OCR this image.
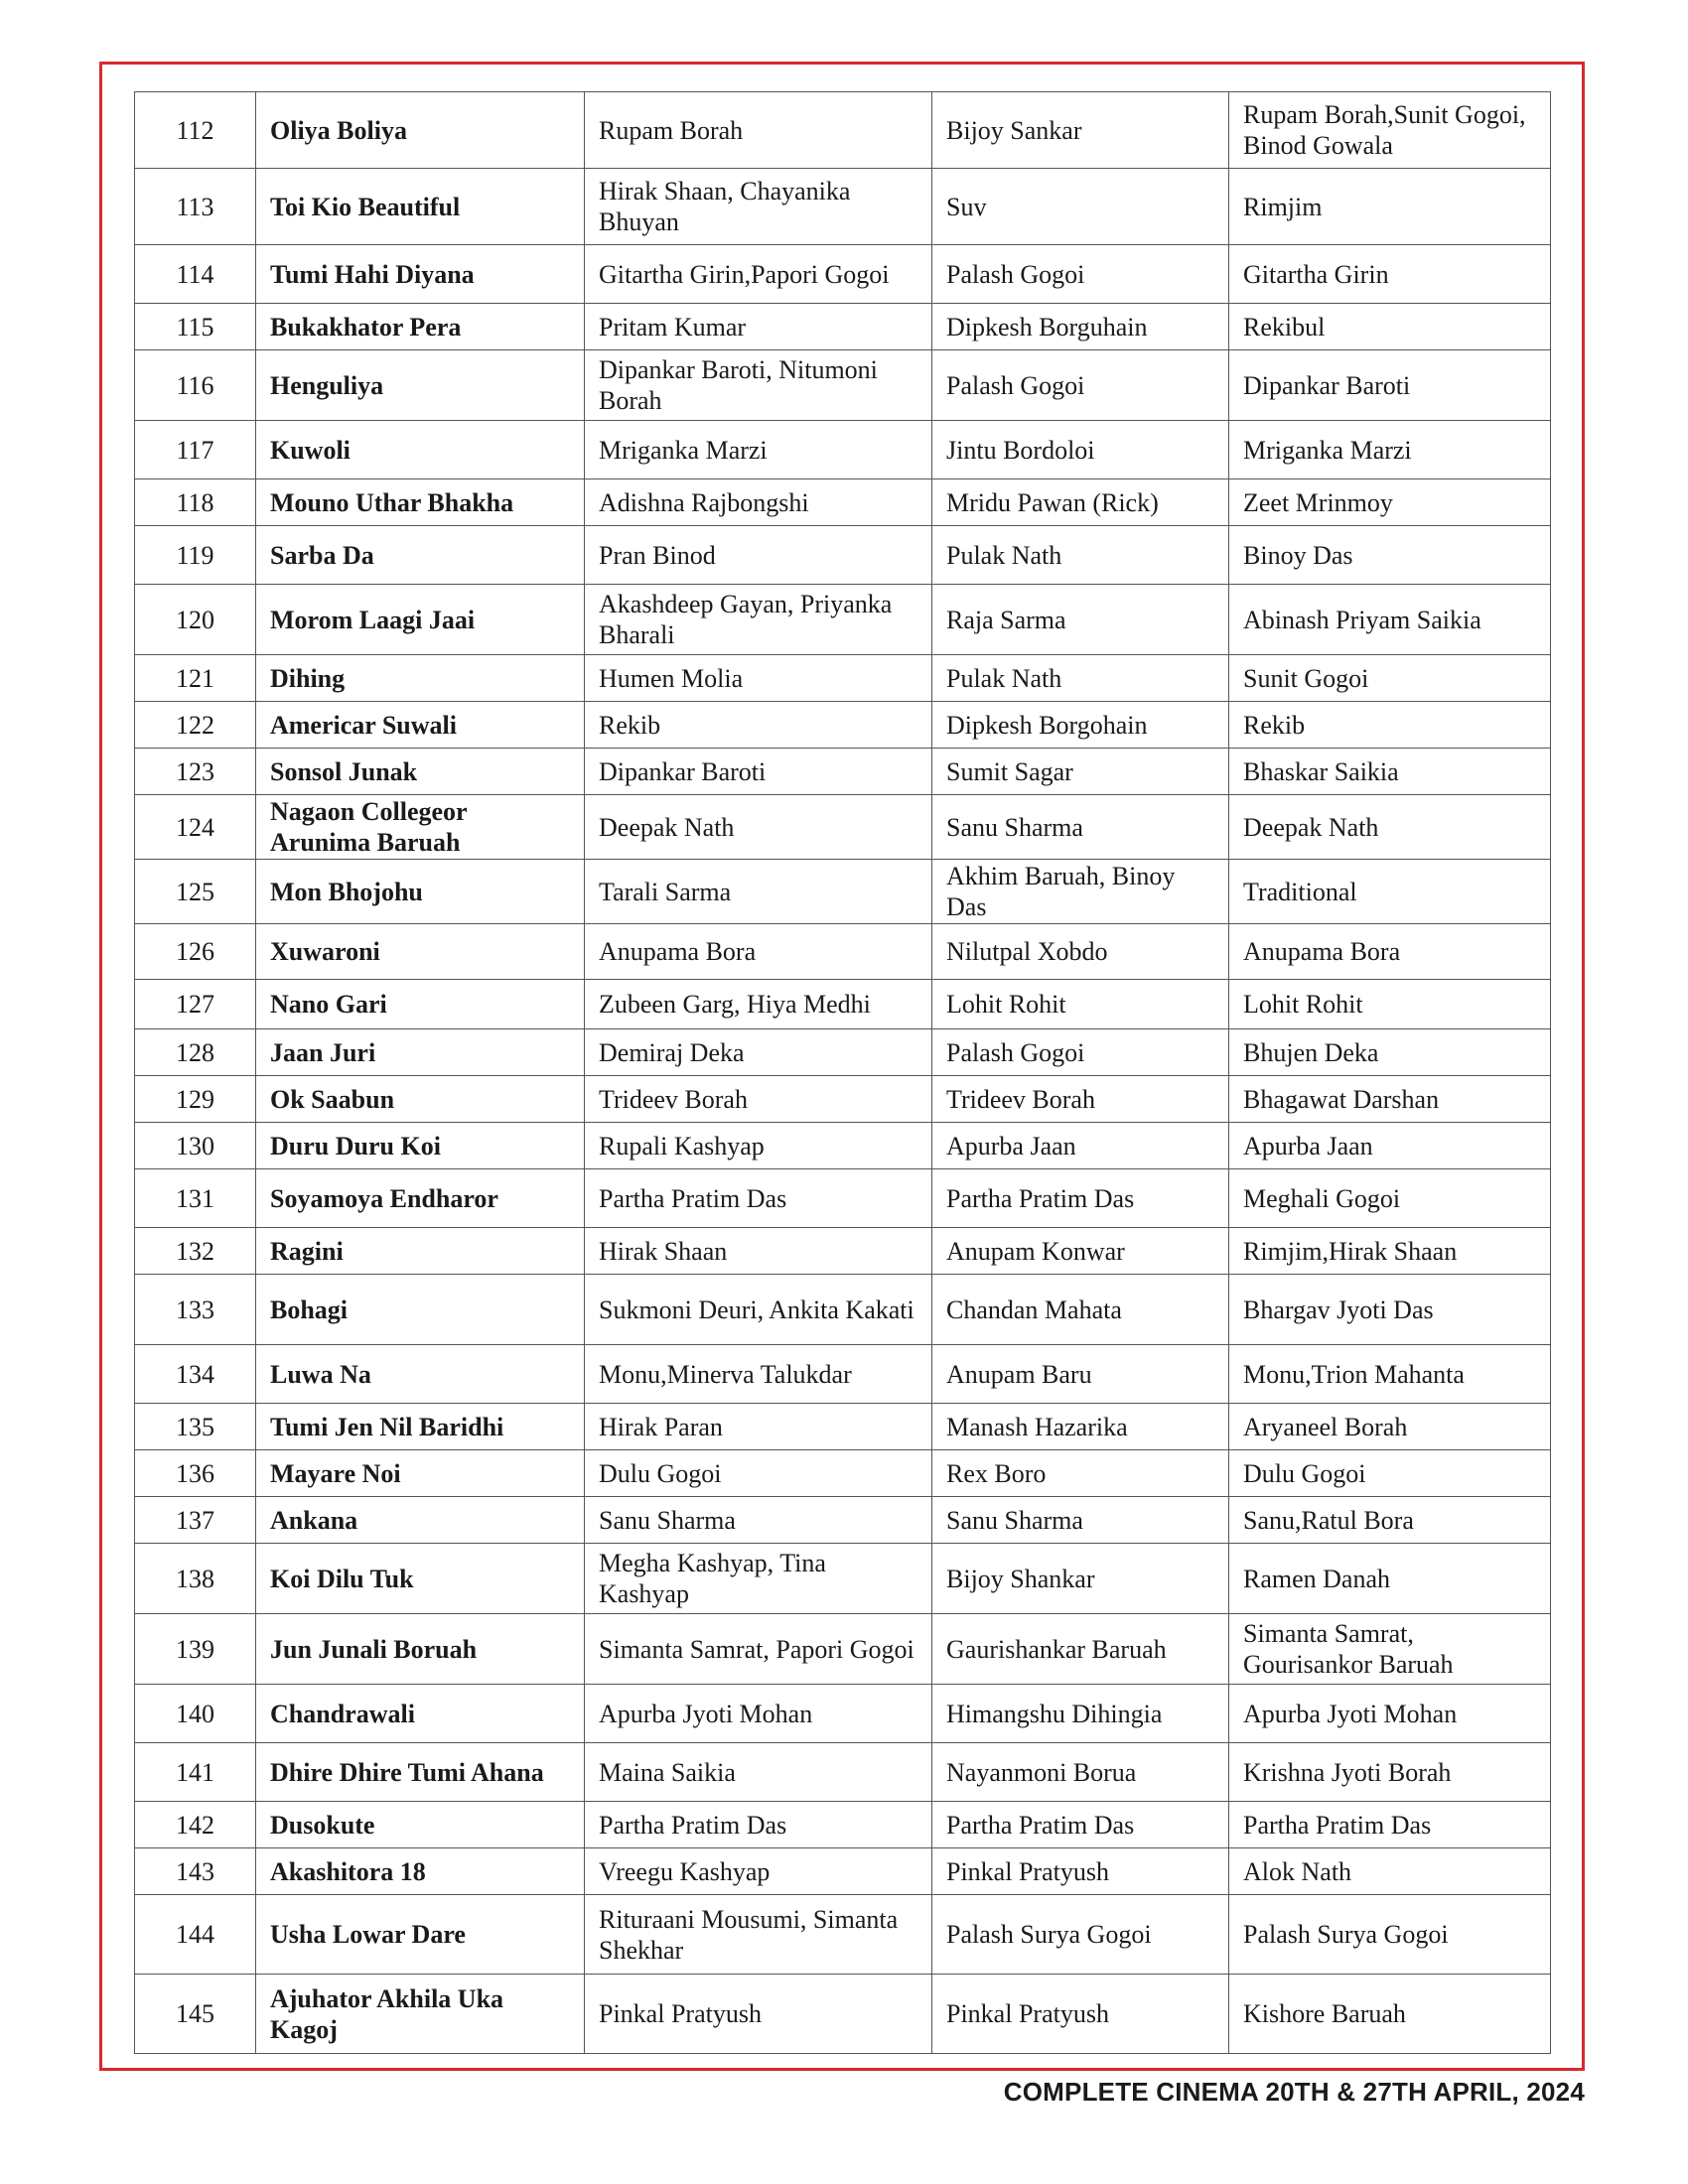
112	Oliya Boliya	Rupam Borah	Bijoy Sankar	Rupam Borah,Sunit Gogoi, Binod Gowala
113	Toi Kio Beautiful	Hirak Shaan, Chayanika Bhuyan	Suv	Rimjim
114	Tumi Hahi Diyana	Gitartha Girin,Papori Gogoi	Palash Gogoi	Gitartha Girin
115	Bukakhator Pera	Pritam Kumar	Dipkesh Borguhain	Rekibul
116	Henguliya	Dipankar Baroti, Nitumoni Borah	Palash Gogoi	Dipankar Baroti
117	Kuwoli	Mriganka Marzi	Jintu Bordoloi	Mriganka Marzi
118	Mouno Uthar Bhakha	Adishna Rajbongshi	Mridu Pawan (Rick)	Zeet Mrinmoy
119	Sarba Da	Pran Binod	Pulak Nath	Binoy Das
120	Morom Laagi Jaai	Akashdeep Gayan, Priyanka Bharali	Raja Sarma	Abinash Priyam Saikia
121	Dihing	Humen Molia	Pulak Nath	Sunit Gogoi
122	Americar Suwali	Rekib	Dipkesh Borgohain	Rekib
123	Sonsol Junak	Dipankar Baroti	Sumit Sagar	Bhaskar Saikia
124	Nagaon Collegeor Arunima Baruah	Deepak Nath	Sanu Sharma	Deepak Nath
125	Mon Bhojohu	Tarali Sarma	Akhim Baruah, Binoy Das	Traditional
126	Xuwaroni	Anupama Bora	Nilutpal Xobdo	Anupama Bora
127	Nano Gari	Zubeen Garg, Hiya Medhi	Lohit Rohit	Lohit Rohit
128	Jaan Juri	Demiraj Deka	Palash Gogoi	Bhujen Deka
129	Ok Saabun	Trideev Borah	Trideev Borah	Bhagawat Darshan
130	Duru Duru Koi	Rupali Kashyap	Apurba Jaan	Apurba Jaan
131	Soyamoya Endharor	Partha Pratim Das	Partha Pratim Das	Meghali Gogoi
132	Ragini	Hirak Shaan	Anupam Konwar	Rimjim,Hirak Shaan
133	Bohagi	Sukmoni Deuri, Ankita Kakati	Chandan Mahata	Bhargav Jyoti Das
134	Luwa Na	Monu,Minerva Talukdar	Anupam Baru	Monu,Trion Mahanta
135	Tumi Jen Nil Baridhi	Hirak Paran	Manash Hazarika	Aryaneel Borah
136	Mayare Noi	Dulu Gogoi	Rex Boro	Dulu Gogoi
137	Ankana	Sanu Sharma	Sanu Sharma	Sanu,Ratul Bora
138	Koi Dilu Tuk	Megha Kashyap, Tina Kashyap	Bijoy Shankar	Ramen Danah
139	Jun Junali Boruah	Simanta Samrat, Papori Gogoi	Gaurishankar Baruah	Simanta Samrat, Gourisankor Baruah
140	Chandrawali	Apurba Jyoti Mohan	Himangshu Dihingia	Apurba Jyoti Mohan
141	Dhire Dhire Tumi Ahana	Maina Saikia	Nayanmoni Borua	Krishna Jyoti Borah
142	Dusokute	Partha Pratim Das	Partha Pratim Das	Partha Pratim Das
143	Akashitora 18	Vreegu Kashyap	Pinkal Pratyush	Alok Nath
144	Usha Lowar Dare	Rituraani Mousumi, Simanta Shekhar	Palash Surya Gogoi	Palash Surya Gogoi
145	Ajuhator Akhila Uka Kagoj	Pinkal Pratyush	Pinkal Pratyush	Kishore Baruah
COMPLETE CINEMA 20TH & 27TH APRIL, 2024
